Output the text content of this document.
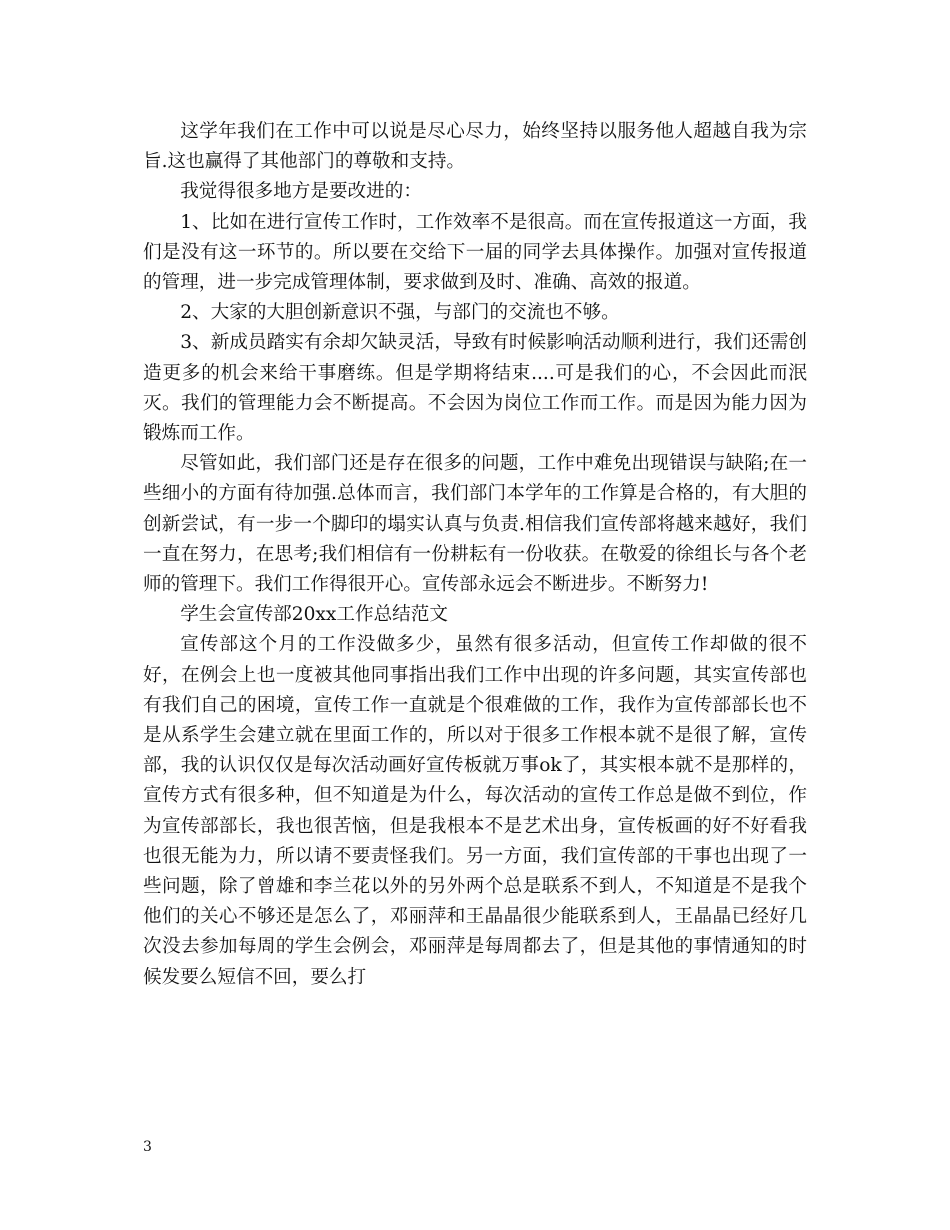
这学年我们在工作中可以说是尽心尽力，始终坚持以服务他人超越自我为宗旨.这也赢得了其他部门的尊敬和支持。

我觉得很多地方是要改进的：

1、比如在进行宣传工作时，工作效率不是很高。而在宣传报道这一方面，我们是没有这一环节的。所以要在交给下一届的同学去具体操作。加强对宣传报道的管理，进一步完成管理体制，要求做到及时、准确、高效的报道。

2、大家的大胆创新意识不强，与部门的交流也不够。

3、新成员踏实有余却欠缺灵活，导致有时候影响活动顺利进行，我们还需创造更多的机会来给干事磨练。但是学期将结束....可是我们的心，不会因此而泯灭。我们的管理能力会不断提高。不会因为岗位工作而工作。而是因为能力因为锻炼而工作。

尽管如此，我们部门还是存在很多的问题，工作中难免出现错误与缺陷;在一些细小的方面有待加强.总体而言，我们部门本学年的工作算是合格的，有大胆的创新尝试，有一步一个脚印的塌实认真与负责.相信我们宣传部将越来越好，我们一直在努力，在思考;我们相信有一份耕耘有一份收获。在敬爱的徐组长与各个老师的管理下。我们工作得很开心。宣传部永远会不断进步。不断努力!

学生会宣传部20xx工作总结范文

宣传部这个月的工作没做多少，虽然有很多活动，但宣传工作却做的很不好，在例会上也一度被其他同事指出我们工作中出现的许多问题，其实宣传部也有我们自己的困境，宣传工作一直就是个很难做的工作，我作为宣传部部长也不是从系学生会建立就在里面工作的，所以对于很多工作根本就不是很了解，宣传部，我的认识仅仅是每次活动画好宣传板就万事ok了，其实根本就不是那样的，宣传方式有很多种，但不知道是为什么，每次活动的宣传工作总是做不到位，作为宣传部部长，我也很苦恼，但是我根本不是艺术出身，宣传板画的好不好看我也很无能为力，所以请不要责怪我们。另一方面，我们宣传部的干事也出现了一些问题，除了曾雄和李兰花以外的另外两个总是联系不到人，不知道是不是我个他们的关心不够还是怎么了，邓丽萍和王晶晶很少能联系到人，王晶晶已经好几次没去参加每周的学生会例会，邓丽萍是每周都去了，但是其他的事情通知的时候发要么短信不回，要么打

3
